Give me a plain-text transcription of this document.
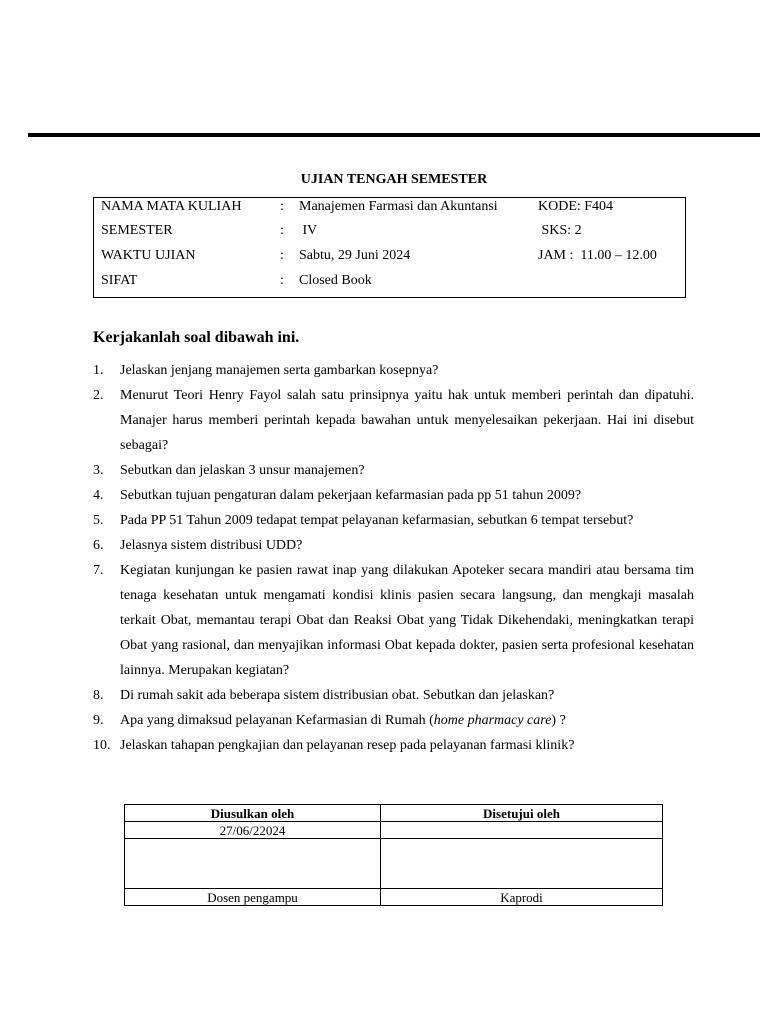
UJIAN TENGAH SEMESTER
NAMA MATA KULIAH	: Manajemen Farmasi dan Akuntansi	KODE: F404
SEMESTER	: IV	SKS: 2
WAKTU UJIAN	: Sabtu, 29 Juni 2024	JAM :  11.00 – 12.00
SIFAT	: Closed Book
Kerjakanlah soal dibawah ini.
1. Jelaskan jenjang manajemen serta gambarkan kosepnya?
2. Menurut Teori Henry Fayol salah satu prinsipnya yaitu hak untuk memberi perintah dan dipatuhi. Manajer harus memberi perintah kepada bawahan untuk menyelesaikan pekerjaan. Hai ini disebut sebagai?
3. Sebutkan dan jelaskan 3 unsur manajemen?
4. Sebutkan tujuan pengaturan dalam pekerjaan kefarmasian pada pp 51 tahun 2009?
5. Pada PP 51 Tahun 2009 tedapat tempat pelayanan kefarmasian, sebutkan 6 tempat tersebut?
6. Jelasnya sistem distribusi UDD?
7. Kegiatan kunjungan ke pasien rawat inap yang dilakukan Apoteker secara mandiri atau bersama tim tenaga kesehatan untuk mengamati kondisi klinis pasien secara langsung, dan mengkaji masalah terkait Obat, memantau terapi Obat dan Reaksi Obat yang Tidak Dikehendaki, meningkatkan terapi Obat yang rasional, dan menyajikan informasi Obat kepada dokter, pasien serta profesional kesehatan lainnya. Merupakan kegiatan?
8. Di rumah sakit ada beberapa sistem distribusian obat. Sebutkan dan jelaskan?
9. Apa yang dimaksud pelayanan Kefarmasian di Rumah (home pharmacy care) ?
10. Jelaskan tahapan pengkajian dan pelayanan resep pada pelayanan farmasi klinik?
Diusulkan oleh	Disetujui oleh
27/06/22024	

Dosen pengampu	Kaprodi
